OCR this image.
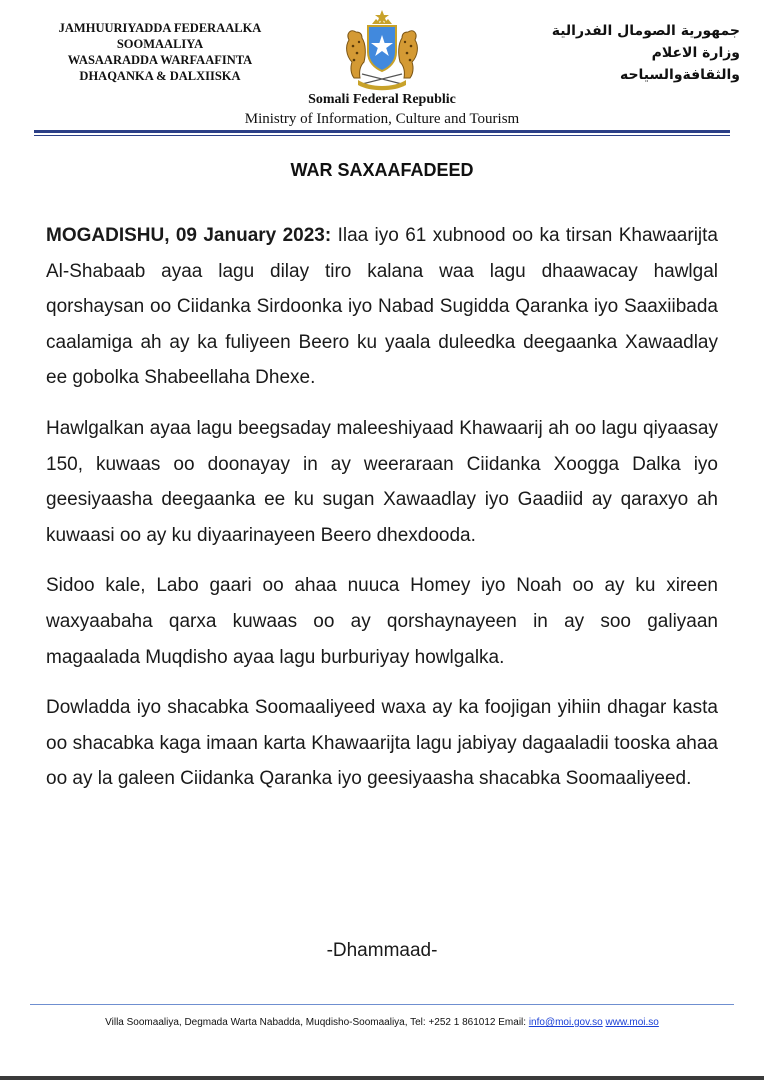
JAMHUURIYADDA FEDERAALKA
SOOMAALIYA
WASAARADDA WARFAAFINTA
DHAQANKA & DALXIISKA
جمهورية الصومال الفدرالية
وزارة الاعلام
والثقافةوالسياحه
Somali Federal Republic
Ministry of Information, Culture and Tourism
WAR SAXAAFADEED

MOGADISHU, 09 January 2023: Ilaa iyo 61 xubnood oo ka tirsan Khawaarijta Al-Shabaab ayaa lagu dilay tiro kalana waa lagu dhaawacay hawlgal qorshaysan oo Ciidanka Sirdoonka iyo Nabad Sugidda Qaranka iyo Saaxiibada caalamiga ah ay ka fuliyeen Beero ku yaala duleedka deegaanka Xawaadlay ee gobolka Shabeellaha Dhexe.

Hawlgalkan ayaa lagu beegsaday maleeshiyaad Khawaarij ah oo lagu qiyaasay 150, kuwaas oo doonayay in ay weeraraan Ciidanka Xoogga Dalka iyo geesiyaasha deegaanka ee ku sugan Xawaadlay iyo Gaadiid ay qaraxyo ah kuwaasi oo ay ku diyaarinayeen Beero dhexdooda.

Sidoo kale, Labo gaari oo ahaa nuuca Homey iyo Noah oo ay ku xireen waxyaabaha qarxa kuwaas oo ay qorshaynayeen in ay soo galiyaan magaalada Muqdisho ayaa lagu burburiyay howlgalka.

Dowladda iyo shacabka Soomaaliyeed waxa ay ka foojigan yihiin dhagar kasta oo shacabka kaga imaan karta Khawaarijta lagu jabiyay dagaaladii tooska ahaa oo ay la galeen Ciidanka Qaranka iyo geesiyaasha shacabka Soomaaliyeed.

-Dhammaad-
Villa Soomaaliya, Degmada Warta Nabadda, Muqdisho-Soomaaliya, Tel: +252 1 861012 Email: info@moi.gov.so www.moi.so
